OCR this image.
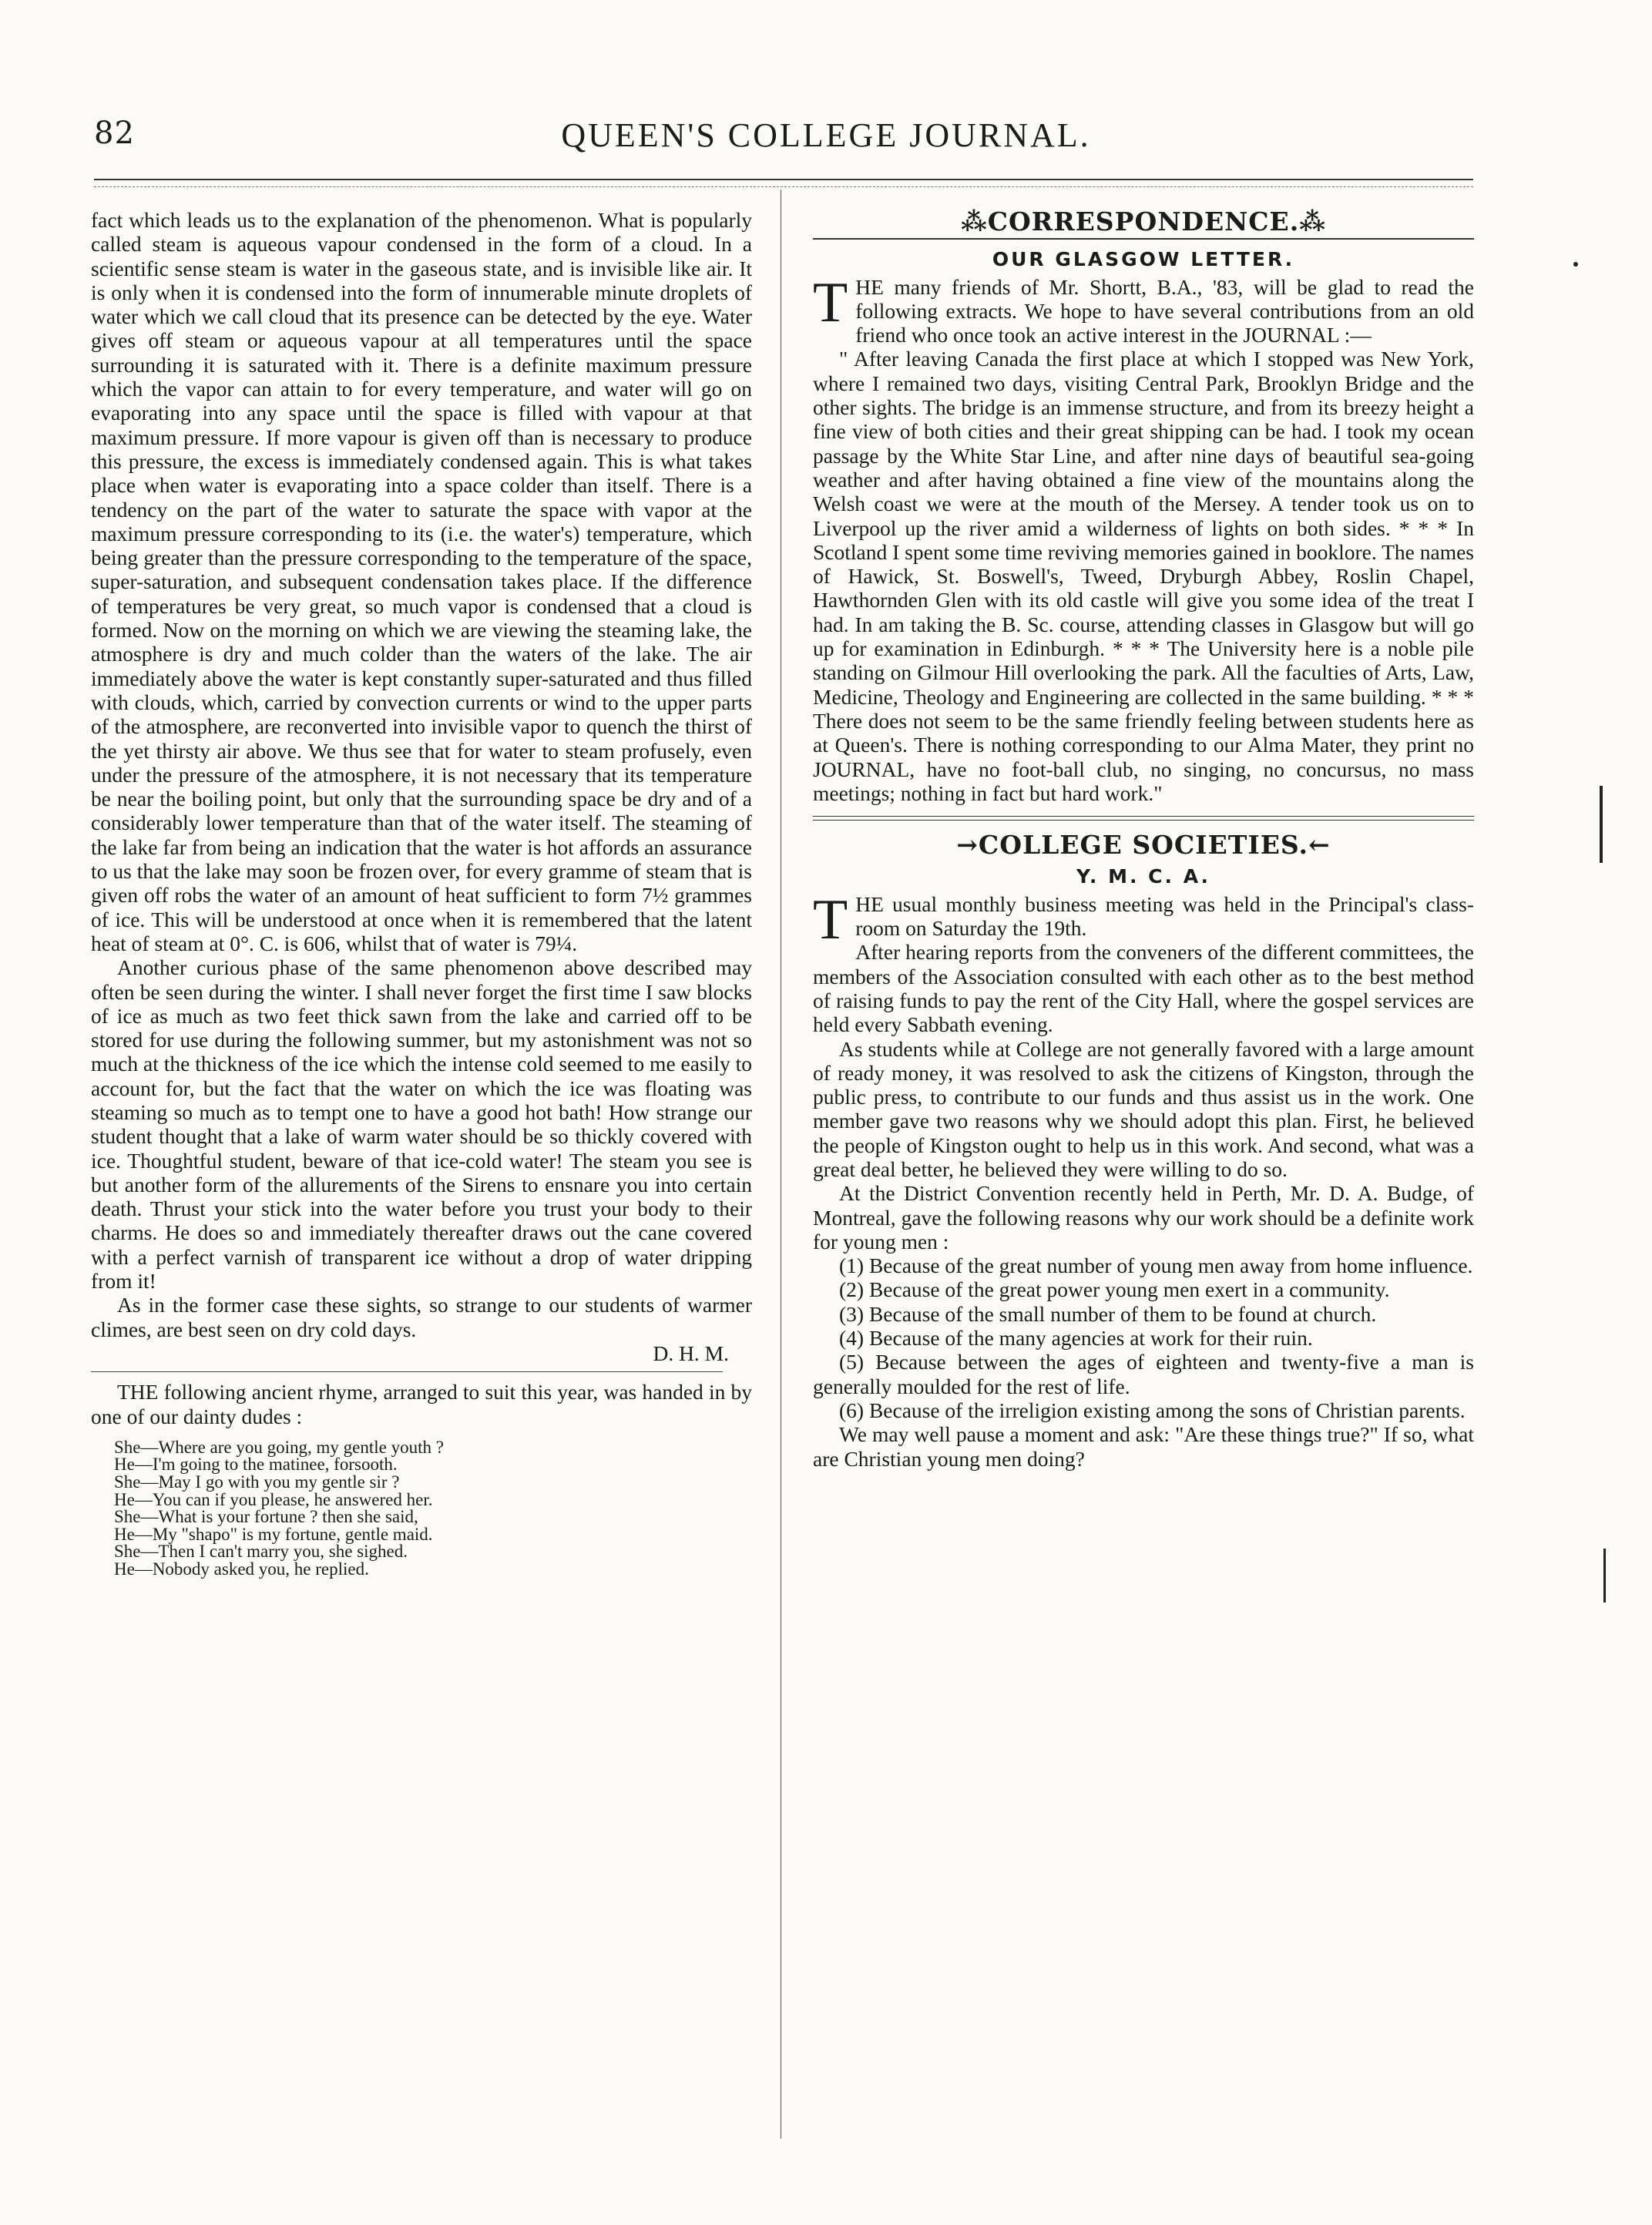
82	QUEEN'S COLLEGE JOURNAL.

fact which leads us to the explanation of the phenomenon. What is popularly called steam is aqueous vapour condensed in the form of a cloud. In a scientific sense steam is water in the gaseous state, and is invisible like air. It is only when it is condensed into the form of innumerable minute droplets of water which we call cloud that its presence can be detected by the eye. Water gives off steam or aqueous vapour at all temperatures until the space surrounding it is saturated with it. There is a definite maximum pressure which the vapor can attain to for every temperature, and water will go on evaporating into any space until the space is filled with vapour at that maximum pressure. If more vapour is given off than is necessary to produce this pressure, the excess is immediately condensed again. This is what takes place when water is evaporating into a space colder than itself. There is a tendency on the part of the water to saturate the space with vapor at the maximum pressure corresponding to its (i.e. the water's) temperature, which being greater than the pressure corresponding to the temperature of the space, super-saturation, and subsequent condensation takes place. If the difference of temperatures be very great, so much vapor is condensed that a cloud is formed. Now on the morning on which we are viewing the steaming lake, the atmosphere is dry and much colder than the waters of the lake. The air immediately above the water is kept constantly super-saturated and thus filled with clouds, which, carried by convection currents or wind to the upper parts of the atmosphere, are reconverted into invisible vapor to quench the thirst of the yet thirsty air above. We thus see that for water to steam profusely, even under the pressure of the atmosphere, it is not necessary that its temperature be near the boiling point, but only that the surrounding space be dry and of a considerably lower temperature than that of the water itself. The steaming of the lake far from being an indication that the water is hot affords an assurance to us that the lake may soon be frozen over, for every gramme of steam that is given off robs the water of an amount of heat sufficient to form 7½ grammes of ice. This will be understood at once when it is remembered that the latent heat of steam at 0°. C. is 606, whilst that of water is 79¼.

Another curious phase of the same phenomenon above described may often be seen during the winter. I shall never forget the first time I saw blocks of ice as much as two feet thick sawn from the lake and carried off to be stored for use during the following summer, but my astonishment was not so much at the thickness of the ice which the intense cold seemed to me easily to account for, but the fact that the water on which the ice was floating was steaming so much as to tempt one to have a good hot bath! How strange our student thought that a lake of warm water should be so thickly covered with ice. Thoughtful student, beware of that ice-cold water! The steam you see is but another form of the allurements of the Sirens to ensnare you into certain death. Thrust your stick into the water before you trust your body to their charms. He does so and immediately thereafter draws out the cane covered with a perfect varnish of transparent ice without a drop of water dripping from it!

As in the former case these sights, so strange to our students of warmer climes, are best seen on dry cold days.

D. H. M.

THE following ancient rhyme, arranged to suit this year, was handed in by one of our dainty dudes :

She—Where are you going, my gentle youth ?
He—I'm going to the matinee, forsooth.
She—May I go with you my gentle sir ?
He—You can if you please, he answered her.
She—What is your fortune ? then she said,
He—My "shapo" is my fortune, gentle maid.
She—Then I can't marry you, she sighed.
He—Nobody asked you, he replied.
⁂CORRESPONDENCE.⁂
OUR GLASGOW LETTER.

THE many friends of Mr. Shortt, B.A., '83, will be glad to read the following extracts. We hope to have several contributions from an old friend who once took an active interest in the JOURNAL :—

" After leaving Canada the first place at which I stopped was New York, where I remained two days, visiting Central Park, Brooklyn Bridge and the other sights. The bridge is an immense structure, and from its breezy height a fine view of both cities and their great shipping can be had. I took my ocean passage by the White Star Line, and after nine days of beautiful sea-going weather and after having obtained a fine view of the mountains along the Welsh coast we were at the mouth of the Mersey. A tender took us on to Liverpool up the river amid a wilderness of lights on both sides. * * * In Scotland I spent some time reviving memories gained in booklore. The names of Hawick, St. Boswell's, Tweed, Dryburgh Abbey, Roslin Chapel, Hawthornden Glen with its old castle will give you some idea of the treat I had. In am taking the B. Sc. course, attending classes in Glasgow but will go up for examination in Edinburgh. * * * The University here is a noble pile standing on Gilmour Hill overlooking the park. All the faculties of Arts, Law, Medicine, Theology and Engineering are collected in the same building. * * * There does not seem to be the same friendly feeling between students here as at Queen's. There is nothing corresponding to our Alma Mater, they print no JOURNAL, have no foot-ball club, no singing, no concursus, no mass meetings; nothing in fact but hard work."

→COLLEGE SOCIETIES.←
Y. M. C. A.

THE usual monthly business meeting was held in the Principal's class-room on Saturday the 19th.

After hearing reports from the conveners of the different committees, the members of the Association consulted with each other as to the best method of raising funds to pay the rent of the City Hall, where the gospel services are held every Sabbath evening.

As students while at College are not generally favored with a large amount of ready money, it was resolved to ask the citizens of Kingston, through the public press, to contribute to our funds and thus assist us in the work. One member gave two reasons why we should adopt this plan. First, he believed the people of Kingston ought to help us in this work. And second, what was a great deal better, he believed they were willing to do so.

At the District Convention recently held in Perth, Mr. D. A. Budge, of Montreal, gave the following reasons why our work should be a definite work for young men :

(1) Because of the great number of young men away from home influence.

(2) Because of the great power young men exert in a community.

(3) Because of the small number of them to be found at church.

(4) Because of the many agencies at work for their ruin.

(5) Because between the ages of eighteen and twenty-five a man is generally moulded for the rest of life.

(6) Because of the irreligion existing among the sons of Christian parents.

We may well pause a moment and ask: "Are these things true?" If so, what are Christian young men doing?
